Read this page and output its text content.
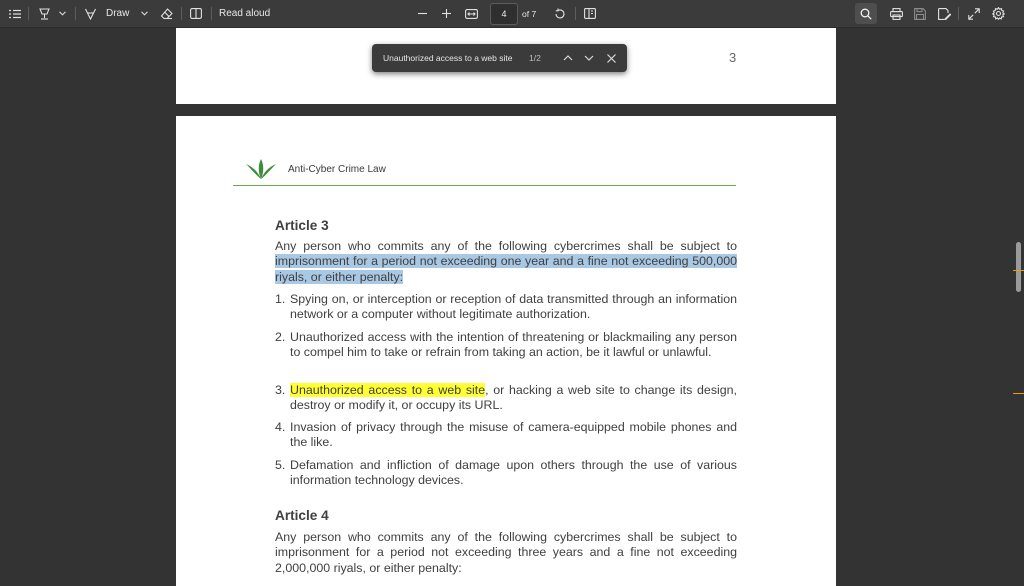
Draw	Read aloud	4	of 7
3
Anti-Cyber Crime Law
Article 3
Any person who commits any of the following cybercrimes shall be subject to imprisonment for a period not exceeding one year and a fine not exceeding 500,000 riyals, or either penalty:
1. Spying on, or interception or reception of data transmitted through an information network or a computer without legitimate authorization.
2. Unauthorized access with the intention of threatening or blackmailing any person to compel him to take or refrain from taking an action, be it lawful or unlawful.
3. Unauthorized access to a web site, or hacking a web site to change its design, destroy or modify it, or occupy its URL.
4. Invasion of privacy through the misuse of camera-equipped mobile phones and the like.
5. Defamation and infliction of damage upon others through the use of various information technology devices.
Article 4
Any person who commits any of the following cybercrimes shall be subject to imprisonment for a period not exceeding three years and a fine not exceeding 2,000,000 riyals, or either penalty:
Unauthorized access to a web site 1/2
